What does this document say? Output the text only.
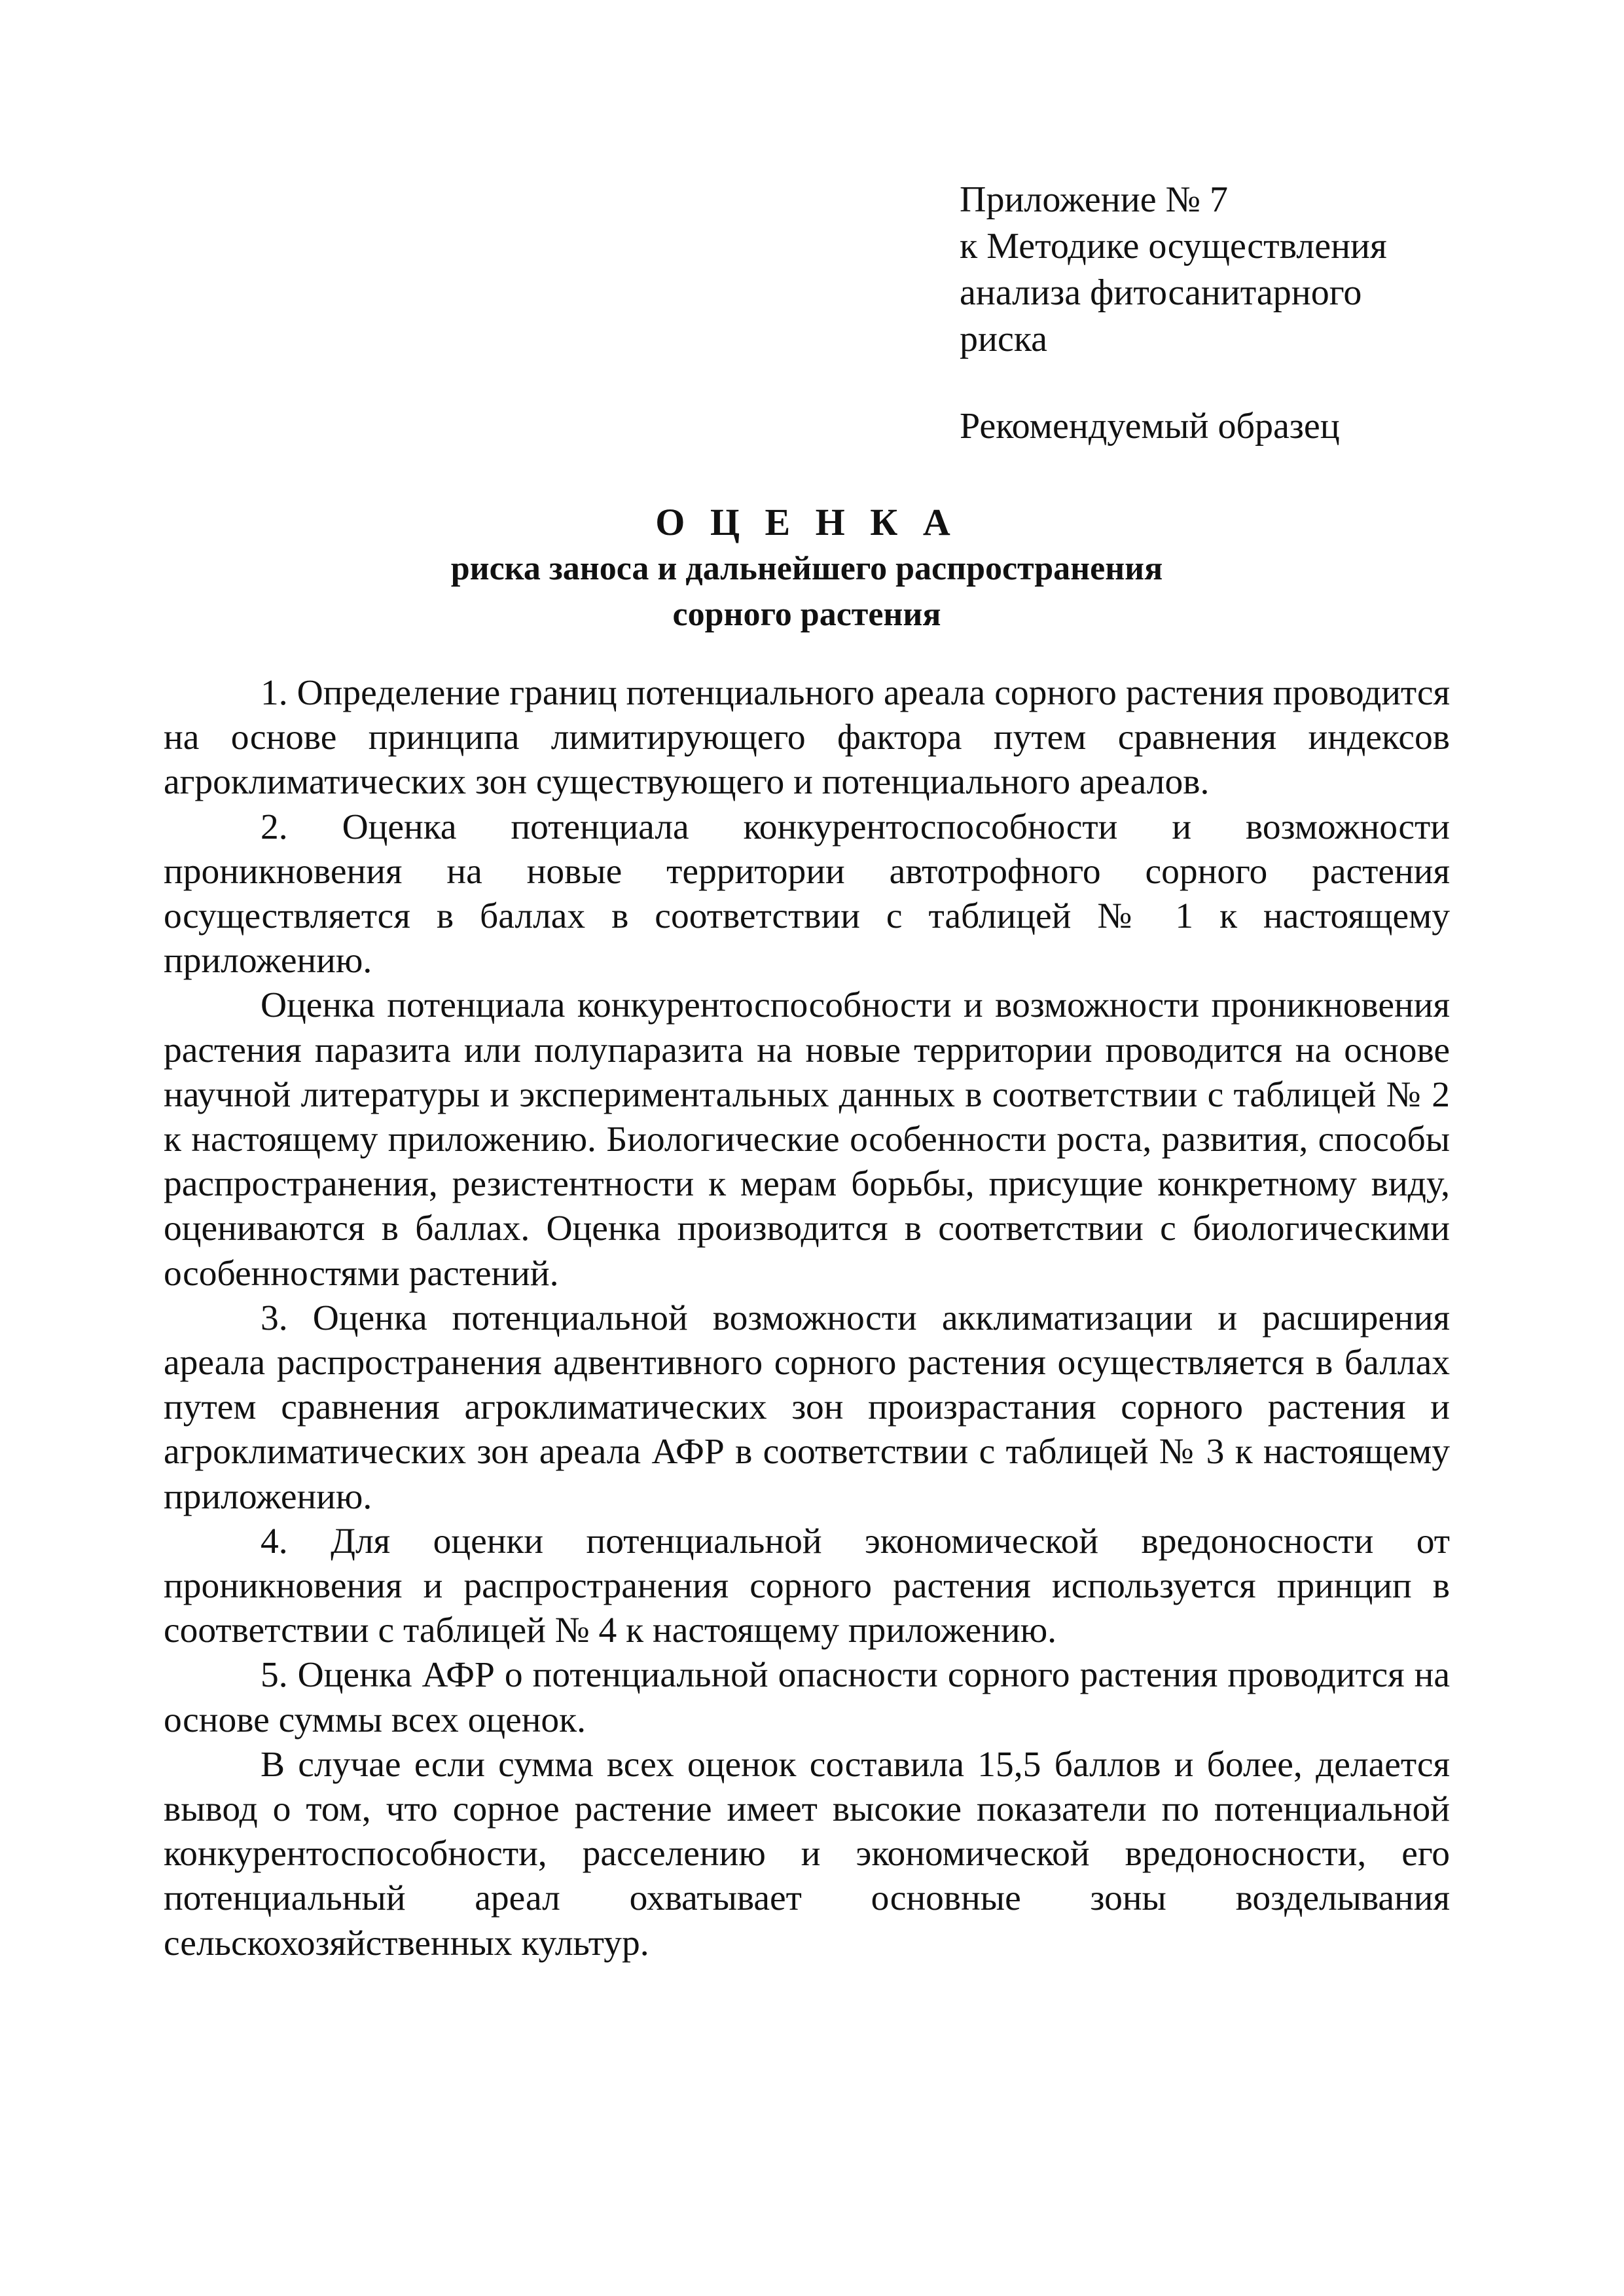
Приложение № 7
к Методике осуществления
анализа фитосанитарного
риска
Рекомендуемый образец
О Ц Е Н К А
риска заноса и дальнейшего распространения
сорного растения

1. Определение границ потенциального ареала сорного растения проводится на основе принципа лимитирующего фактора путем сравнения индексов агроклиматических зон существующего и потенциального ареалов.

2. Оценка потенциала конкурентоспособности и возможности проникновения на новые территории автотрофного сорного растения осуществляется в баллах в соответствии с таблицей № 1 к настоящему приложению.

Оценка потенциала конкурентоспособности и возможности проникновения растения паразита или полупаразита на новые территории проводится на основе научной литературы и экспериментальных данных в соответствии с таблицей № 2 к настоящему приложению. Биологические особенности роста, развития, способы распространения, резистентности к мерам борьбы, присущие конкретному виду, оцениваются в баллах. Оценка производится в соответствии с биологическими особенностями растений.

3. Оценка потенциальной возможности акклиматизации и расширения ареала распространения адвентивного сорного растения осуществляется в баллах путем сравнения агроклиматических зон произрастания сорного растения и агроклиматических зон ареала АФР в соответствии с таблицей № 3 к настоящему приложению.

4. Для оценки потенциальной экономической вредоносности от проникновения и распространения сорного растения используется принцип в соответствии с таблицей № 4 к настоящему приложению.

5. Оценка АФР о потенциальной опасности сорного растения проводится на основе суммы всех оценок.

В случае если сумма всех оценок составила 15,5 баллов и более, делается вывод о том, что сорное растение имеет высокие показатели по потенциальной конкурентоспособности, расселению и экономической вредоносности, его потенциальный ареал охватывает основные зоны возделывания сельскохозяйственных культур.
